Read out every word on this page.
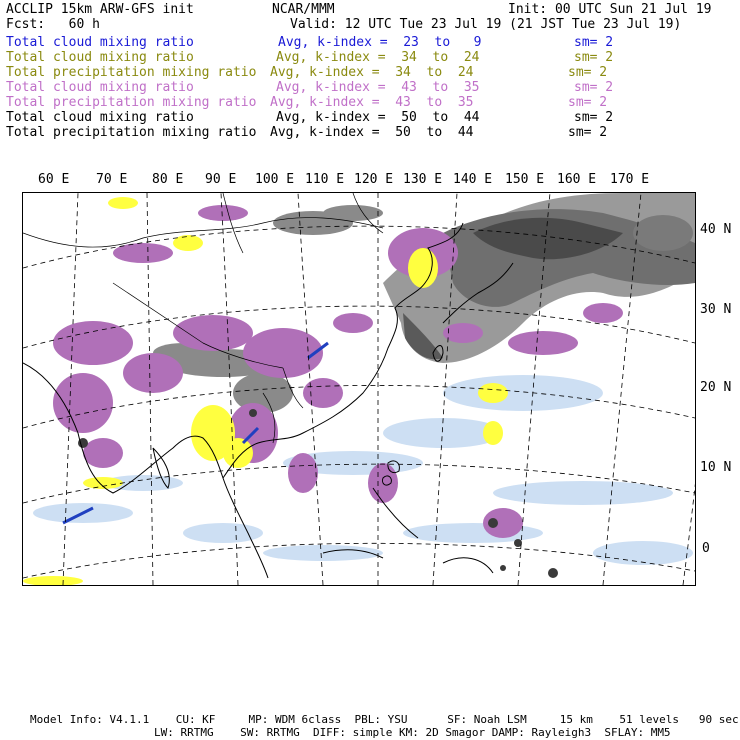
ACCLIP 15km ARW-GFS init	NCAR/MMM	Init: 00 UTC Sun 21 Jul 19
Fcst:   60 h	Valid: 12 UTC Tue 23 Jul 19 (21 JST Tue 23 Jul 19)
Total cloud mixing ratio	Avg, k-index =  23  to   9	sm= 2
Total cloud mixing ratio	Avg, k-index =  34  to  24	sm= 2
Total precipitation mixing ratio Avg, k-index =  34  to  24	sm= 2
Total cloud mixing ratio	Avg, k-index =  43  to  35	sm= 2
Total precipitation mixing ratio Avg, k-index =  43  to  35	sm= 2
Total cloud mixing ratio	Avg, k-index =  50  to  44	sm= 2
Total precipitation mixing ratio Avg, k-index =  50  to  44	sm= 2
60 E 70 E 80 E 90 E 100 E 110 E 120 E 130 E 140 E 150 E 160 E 170 E
40 N
30 N
20 N
10 N
0
Model Info: V4.1.1    CU: KF     MP: WDM 6class  PBL: YSU      SF: Noah LSM     15 km    51 levels   90 sec
LW: RRTMG    SW: RRTMG  DIFF: simple KM: 2D Smagor DAMP: Rayleigh3  SFLAY: MM5
